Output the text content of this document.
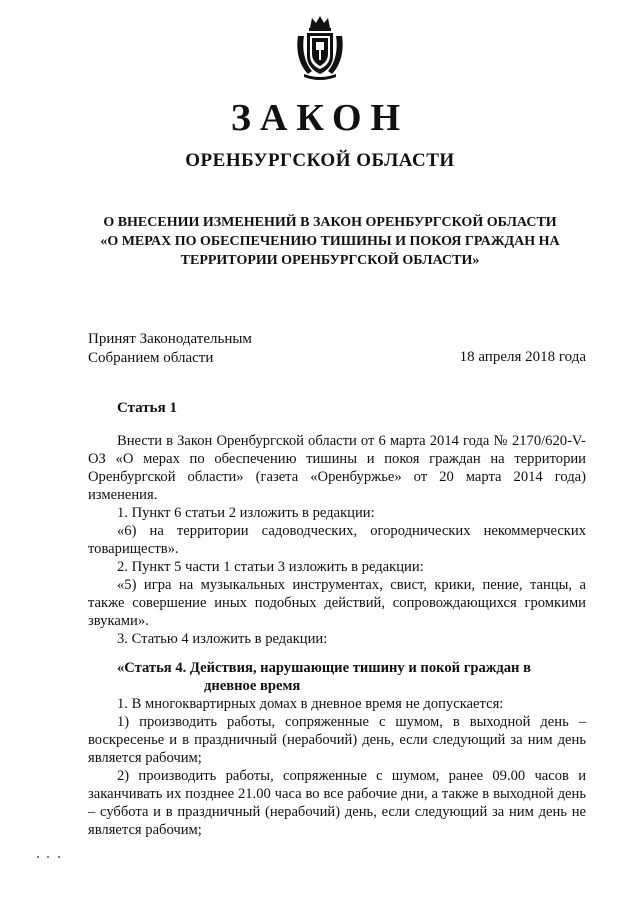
ЗАКОН
ОРЕНБУРГСКОЙ ОБЛАСТИ
О ВНЕСЕНИИ ИЗМЕНЕНИЙ В ЗАКОН ОРЕНБУРГСКОЙ ОБЛАСТИ
«О МЕРАХ ПО ОБЕСПЕЧЕНИЮ ТИШИНЫ И ПОКОЯ ГРАЖДАН НА
ТЕРРИТОРИИ ОРЕНБУРГСКОЙ ОБЛАСТИ»
Принят Законодательным
Собранием области	18 апреля 2018 года
Статья 1

Внести в Закон Оренбургской области от 6 марта 2014 года № 2170/620-V-ОЗ «О мерах по обеспечению тишины и покоя граждан на территории Оренбургской области» (газета «Оренбуржье» от 20 марта 2014 года) изменения.

1. Пункт 6 статьи 2 изложить в редакции:

«6) на территории садоводческих, огороднических некоммерческих товариществ».

2. Пункт 5 части 1 статьи 3 изложить в редакции:

«5) игра на музыкальных инструментах, свист, крики, пение, танцы, а также совершение иных подобных действий, сопровождающихся громкими звуками».

3. Статью 4 изложить в редакции:

«Статья 4. Действия, нарушающие тишину и покой граждан в
дневное время

1. В многоквартирных домах в дневное время не допускается:

1) производить работы, сопряженные с шумом, в выходной день – воскресенье и в праздничный (нерабочий) день, если следующий за ним день является рабочим;

2) производить работы, сопряженные с шумом, ранее 09.00 часов и заканчивать их позднее 21.00 часа во все рабочие дни, а также в выходной день – суббота и в праздничный (нерабочий) день, если следующий за ним день не является рабочим;
